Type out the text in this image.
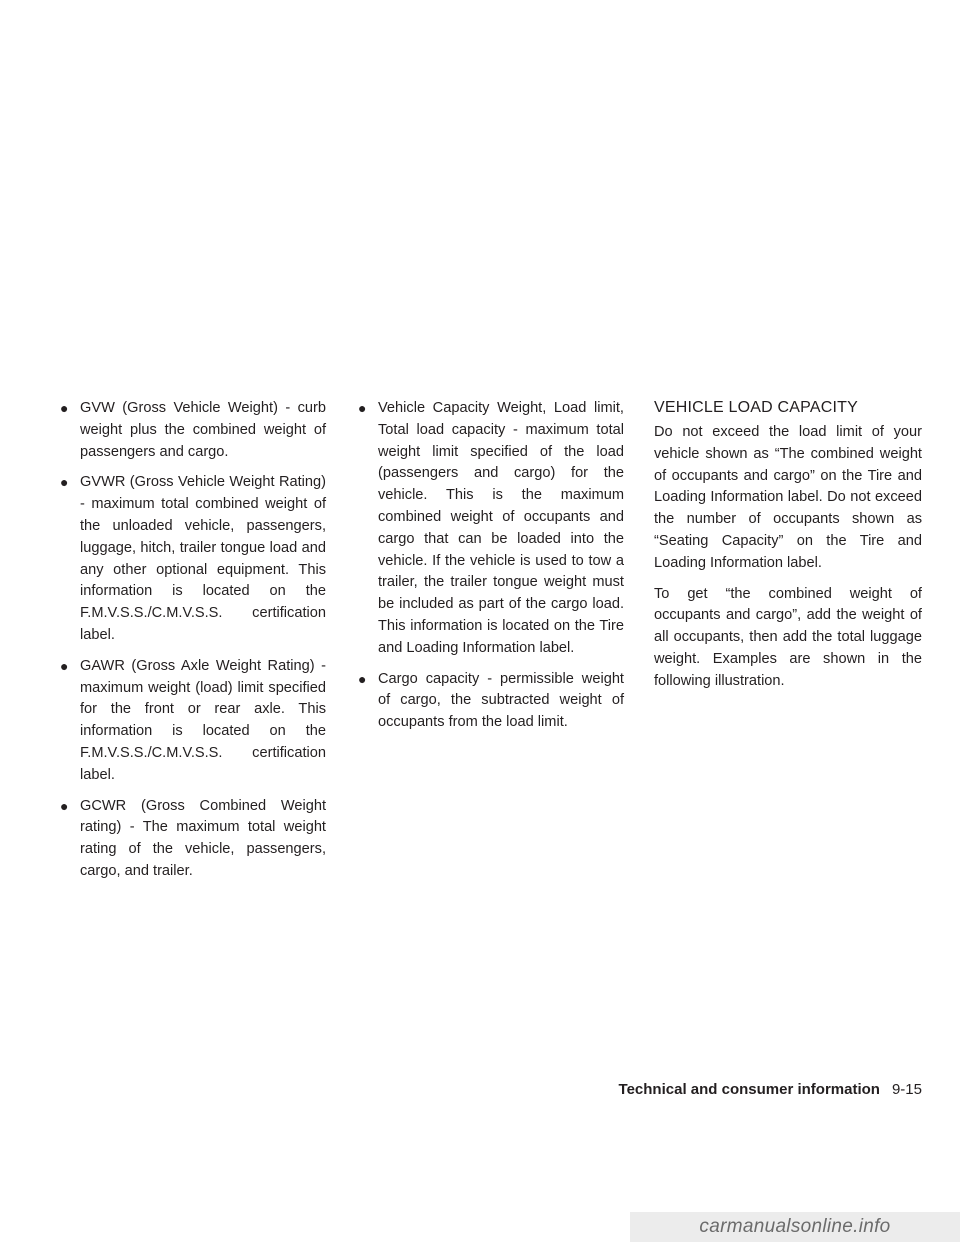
● GVW (Gross Vehicle Weight) - curb weight plus the combined weight of passengers and cargo.
● GVWR (Gross Vehicle Weight Rating) - maximum total combined weight of the unloaded vehicle, passengers, luggage, hitch, trailer tongue load and any other optional equipment. This information is located on the F.M.V.S.S./C.M.V.S.S. certification label.
● GAWR (Gross Axle Weight Rating) - maximum weight (load) limit specified for the front or rear axle. This information is located on the F.M.V.S.S./C.M.V.S.S. certification label.
● GCWR (Gross Combined Weight rating) - The maximum total weight rating of the vehicle, passengers, cargo, and trailer.
● Vehicle Capacity Weight, Load limit, Total load capacity - maximum total weight limit specified of the load (passengers and cargo) for the vehicle. This is the maximum combined weight of occupants and cargo that can be loaded into the vehicle. If the vehicle is used to tow a trailer, the trailer tongue weight must be included as part of the cargo load. This information is located on the Tire and Loading Information label.
● Cargo capacity - permissible weight of cargo, the subtracted weight of occupants from the load limit.
VEHICLE LOAD CAPACITY

Do not exceed the load limit of your vehicle shown as “The combined weight of occupants and cargo” on the Tire and Loading Information label. Do not exceed the number of occupants shown as “Seating Capacity” on the Tire and Loading Information label.

To get “the combined weight of occupants and cargo”, add the weight of all occupants, then add the total luggage weight. Examples are shown in the following illustration.

Technical and consumer information 9-15
carmanualsonline.info
